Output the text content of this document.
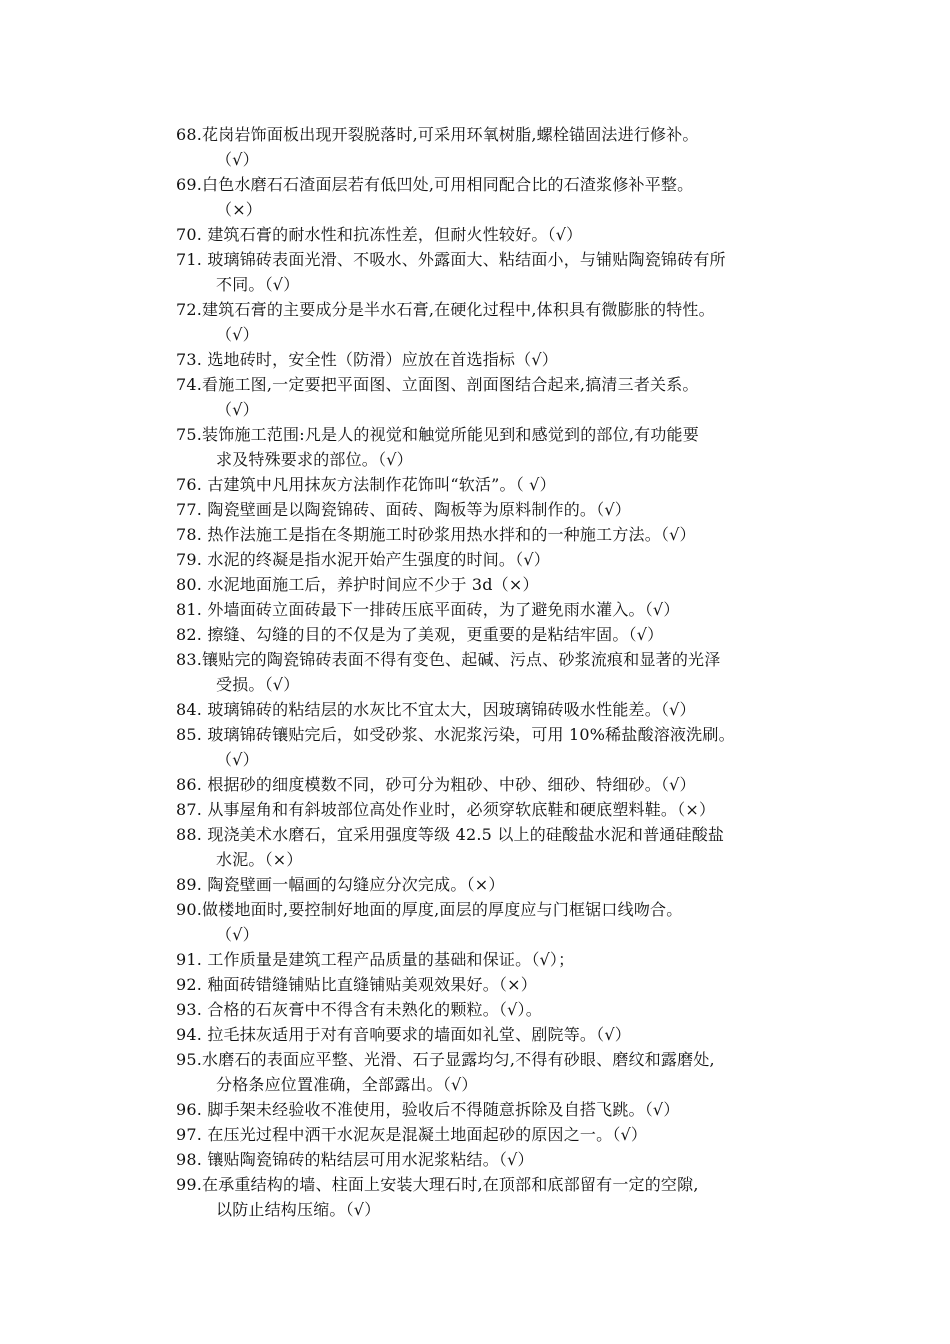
68.花岗岩饰面板出现开裂脱落时,可采用环氧树脂,螺栓锚固法进行修补。
（√）
69.白色水磨石石渣面层若有低凹处,可用相同配合比的石渣浆修补平整。
（×）
70. 建筑石膏的耐水性和抗冻性差，但耐火性较好。（√）
71. 玻璃锦砖表面光滑、不吸水、外露面大、粘结面小，与铺贴陶瓷锦砖有所
不同。（√）
72.建筑石膏的主要成分是半水石膏,在硬化过程中,体积具有微膨胀的特性。
（√）
73. 选地砖时，安全性（防滑）应放在首选指标（√）
74.看施工图,一定要把平面图、立面图、剖面图结合起来,搞清三者关系。
（√）
75.装饰施工范围:凡是人的视觉和触觉所能见到和感觉到的部位,有功能要
求及特殊要求的部位。（√）
76. 古建筑中凡用抹灰方法制作花饰叫“软活”。（ √）
77. 陶瓷壁画是以陶瓷锦砖、面砖、陶板等为原料制作的。（√）
78. 热作法施工是指在冬期施工时砂浆用热水拌和的一种施工方法。（√）
79. 水泥的终凝是指水泥开始产生强度的时间。（√）
80. 水泥地面施工后，养护时间应不少于 3d（×）
81. 外墙面砖立面砖最下一排砖压底平面砖，为了避免雨水灌入。（√）
82. 擦缝、勾缝的目的不仅是为了美观，更重要的是粘结牢固。（√）
83.镶贴完的陶瓷锦砖表面不得有变色、起碱、污点、砂浆流痕和显著的光泽
受损。（√）
84. 玻璃锦砖的粘结层的水灰比不宜太大，因玻璃锦砖吸水性能差。（√）
85. 玻璃锦砖镶贴完后，如受砂浆、水泥浆污染，可用 10%稀盐酸溶液洗刷。
（√）
86. 根据砂的细度模数不同，砂可分为粗砂、中砂、细砂、特细砂。（√）
87. 从事屋角和有斜坡部位高处作业时，必须穿软底鞋和硬底塑料鞋。（×）
88. 现浇美术水磨石，宜采用强度等级 42.5 以上的硅酸盐水泥和普通硅酸盐
水泥。（×）
89. 陶瓷壁画一幅画的勾缝应分次完成。（×）
90.做楼地面时,要控制好地面的厚度,面层的厚度应与门框锯口线吻合。
（√）
91. 工作质量是建筑工程产品质量的基础和保证。（√）；
92. 釉面砖错缝铺贴比直缝铺贴美观效果好。（×）
93. 合格的石灰膏中不得含有未熟化的颗粒。（√）。
94. 拉毛抹灰适用于对有音响要求的墙面如礼堂、剧院等。（√）
95.水磨石的表面应平整、光滑、石子显露均匀,不得有砂眼、磨纹和露磨处,
分格条应位置准确，全部露出。（√）
96. 脚手架未经验收不准使用，验收后不得随意拆除及自搭飞跳。（√）
97. 在压光过程中洒干水泥灰是混凝土地面起砂的原因之一。（√）
98. 镶贴陶瓷锦砖的粘结层可用水泥浆粘结。（√）
99.在承重结构的墙、柱面上安装大理石时,在顶部和底部留有一定的空隙,
以防止结构压缩。（√）
